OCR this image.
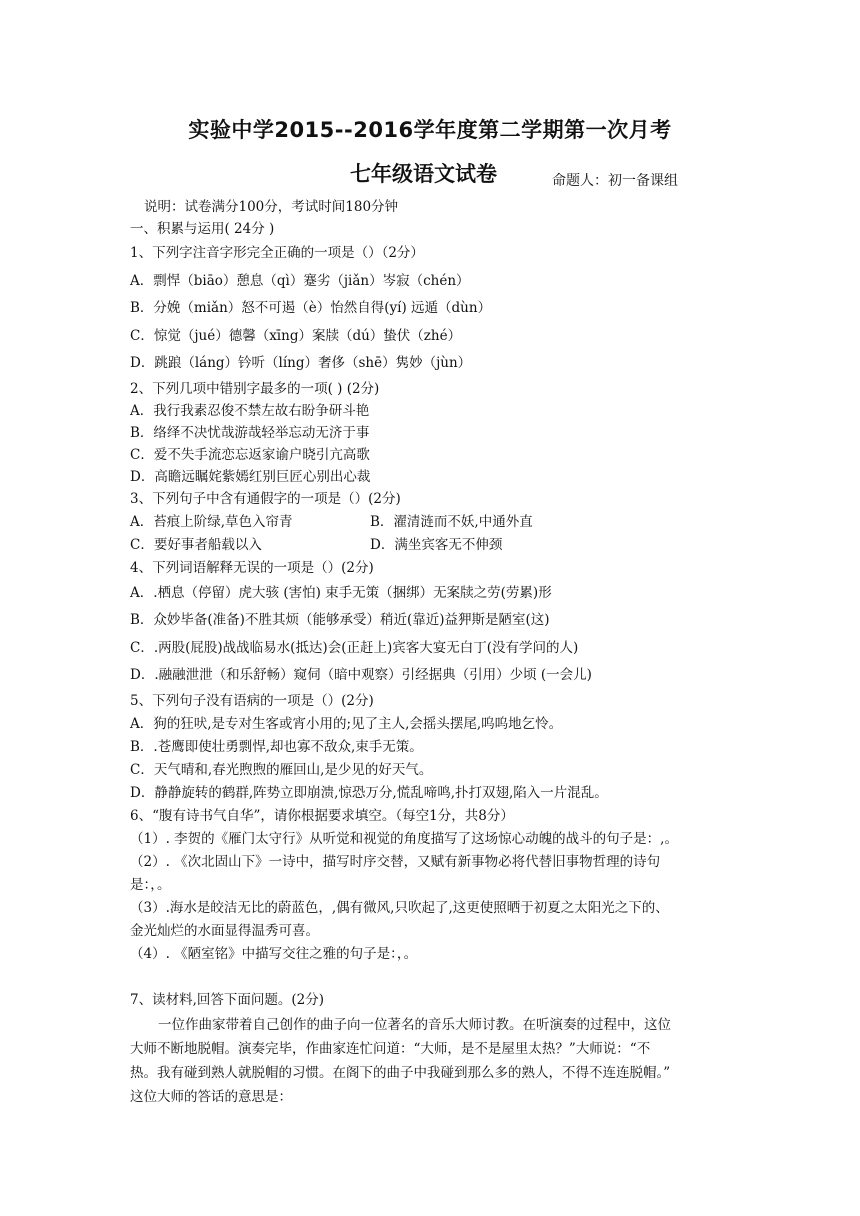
实验中学2015--2016学年度第二学期第一次月考
七年级语文试卷	命题人：初一备课组
说明：试卷满分100分，考试时间180分钟
一、积累与运用( 24分 )
1、下列字注音字形完全正确的一项是（）（2分）
A．剽悍（biāo）憩息（qì）蹇劣（jiǎn）岑寂（chén）
B．分娩（miǎn）怒不可遏（è）怡然自得(yí) 远遁（dùn）
C．惊觉（jué）德馨（xīng）案牍（dú）蛰伏（zhé）
D．跳踉（láng）钤听（líng）奢侈（shē）隽妙（jùn）
2、下列几项中错别字最多的一项( ) (2分)
A．我行我素忍俊不禁左故右盼争研斗艳
B．络绎不决忧哉游哉轻举忘动无济于事
C．爱不失手流恋忘返家谕户晓引亢高歌
D．高瞻远瞩姹紫嫣红别巨匠心别出心裁
3、下列句子中含有通假字的一项是（）(2分)
A．苔痕上阶绿,草色入帘青	B．濯清涟而不妖,中通外直
C．要好事者船载以入	D．满坐宾客无不伸颈
4、下列词语解释无误的一项是（）(2分)
A．.栖息（停留）虎大骇 (害怕) 束手无策（捆绑）无案牍之劳(劳累)形
B．众妙毕备(准备)不胜其烦（能够承受）稍近(靠近)益狎斯是陋室(这)
C．.两股(屁股)战战临易水(抵达)会(正赶上)宾客大宴无白丁(没有学问的人)
D．.融融泄泄（和乐舒畅）窥伺（暗中观察）引经据典（引用）少顷 (一会儿)
5、下列句子没有语病的一项是（）(2分)
A．狗的狂吠,是专对生客或宵小用的;见了主人,会摇头摆尾,呜呜地乞怜。
B．.苍鹰即使壮勇剽悍,却也寡不敌众,束手无策。
C．天气晴和,春光煦煦的雁回山,是少见的好天气。
D．静静旋转的鹤群,阵势立即崩溃,惊恐万分,慌乱啼鸣,扑打双翅,陷入一片混乱。
6、“腹有诗书气自华”，请你根据要求填空。（每空1分，共8分）
（1）. 李贺的《雁门太守行》从听觉和视觉的角度描写了这场惊心动魄的战斗的句子是：,。
（2）. 《次北固山下》一诗中，描写时序交替，又赋有新事物必将代替旧事物哲理的诗句
是：，。
（3）.海水是皎洁无比的蔚蓝色，,偶有微风,只吹起了,这更使照晒于初夏之太阳光之下的、
金光灿烂的水面显得温秀可喜。
（4）. 《陋室铭》中描写交往之雅的句子是：，。
7、读材料,回答下面问题。(2分)
一位作曲家带着自己创作的曲子向一位著名的音乐大师讨教。在听演奏的过程中，这位
大师不断地脱帽。演奏完毕，作曲家连忙问道：“大师，是不是屋里太热？”大师说：“不
热。我有碰到熟人就脱帽的习惯。在阁下的曲子中我碰到那么多的熟人，不得不连连脱帽。”
这位大师的答话的意思是：
